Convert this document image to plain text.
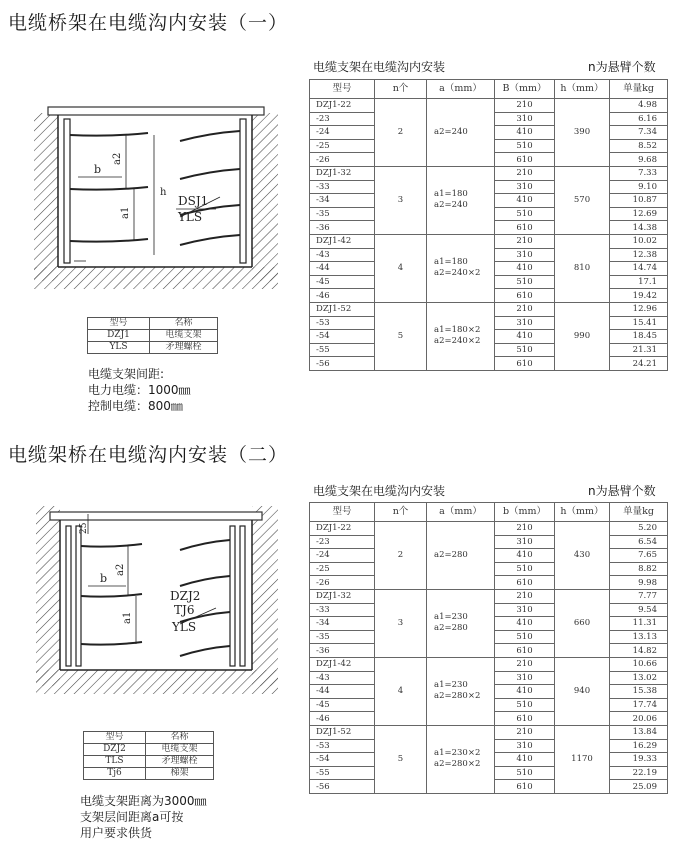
电缆桥架在电缆沟内安装（一）
b
a2
a1
h
DSJ1
YLS
型号	名称
DZJ1	电缆支架
YLS	矛理螺栓
电缆支架间距:
电力电缆：1000㎜
控制电缆：800㎜
电缆支架在电缆沟内安装	n为悬臂个数
型号	n个	a（mm）	B（mm）	h（mm）	单量kg
DZJ1-22	2	a2=240	210	390	4.98
-23			310		6.16
-24			410		7.34
-25			510		8.52
-26			610		9.68
DZJ1-32	3	a1=180 a2=240	210	570	7.33
-33			310		9.10
-34			410		10.87
-35			510		12.69
-36			610		14.38
DZJ1-42	4	a1=180 a2=240×2	210	810	10.02
-43			310		12.38
-44			410		14.74
-45			510		17.1
-46			610		19.42
DZJ1-52	5	a1=180×2 a2=240×2	210	990	12.96
-53			310		15.41
-54			410		18.45
-55			510		21.31
-56			610		24.21
电缆架桥在电缆沟内安装（二）
b
a2
a1
25
DZJ2
TJ6
YLS
型号	名称
DZJ2	电缆支架
TLS	矛理螺栓
Tj6	梯架
电缆支架距离为3000㎜
支架层间距离a可按
用户要求供货
电缆支架在电缆沟内安装	n为悬臂个数
型号	n个	a（mm）	b（mm）	h（mm）	单量kg
DZJ1-22	2	a2=280	210	430	5.20
-23			310		6.54
-24			410		7.65
-25			510		8.82
-26			610		9.98
DZJ1-32	3	a1=230 a2=280	210	660	7.77
-33			310		9.54
-34			410		11.31
-35			510		13.13
-36			610		14.82
DZJ1-42	4	a1=230 a2=280×2	210	940	10.66
-43			310		13.02
-44			410		15.38
-45			510		17.74
-46			610		20.06
DZJ1-52	5	a1=230×2 a2=280×2	210	1170	13.84
-53			310		16.29
-54			410		19.33
-55			510		22.19
-56			610		25.09
